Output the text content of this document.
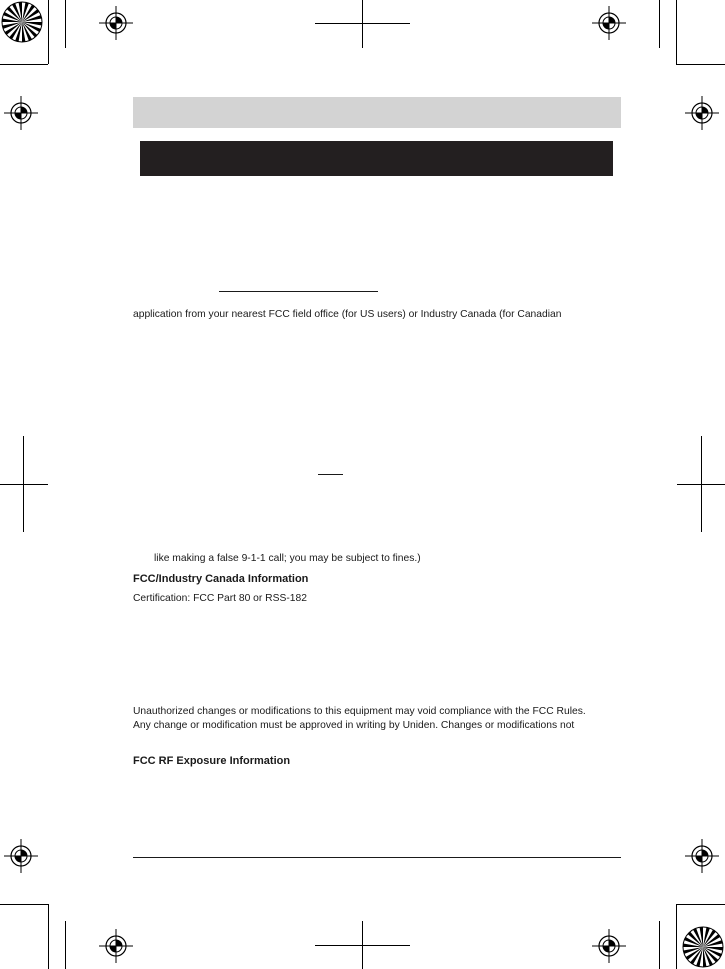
application from your nearest FCC field office (for US users) or Industry Canada (for Canadian
like making a false 9-1-1 call; you may be subject to fines.)
FCC/Industry Canada Information
Certification: FCC Part 80 or RSS-182
Unauthorized changes or modifications to this equipment may void compliance with the FCC Rules.
Any change or modification must be approved in writing by Uniden. Changes or modifications not
FCC RF Exposure Information
